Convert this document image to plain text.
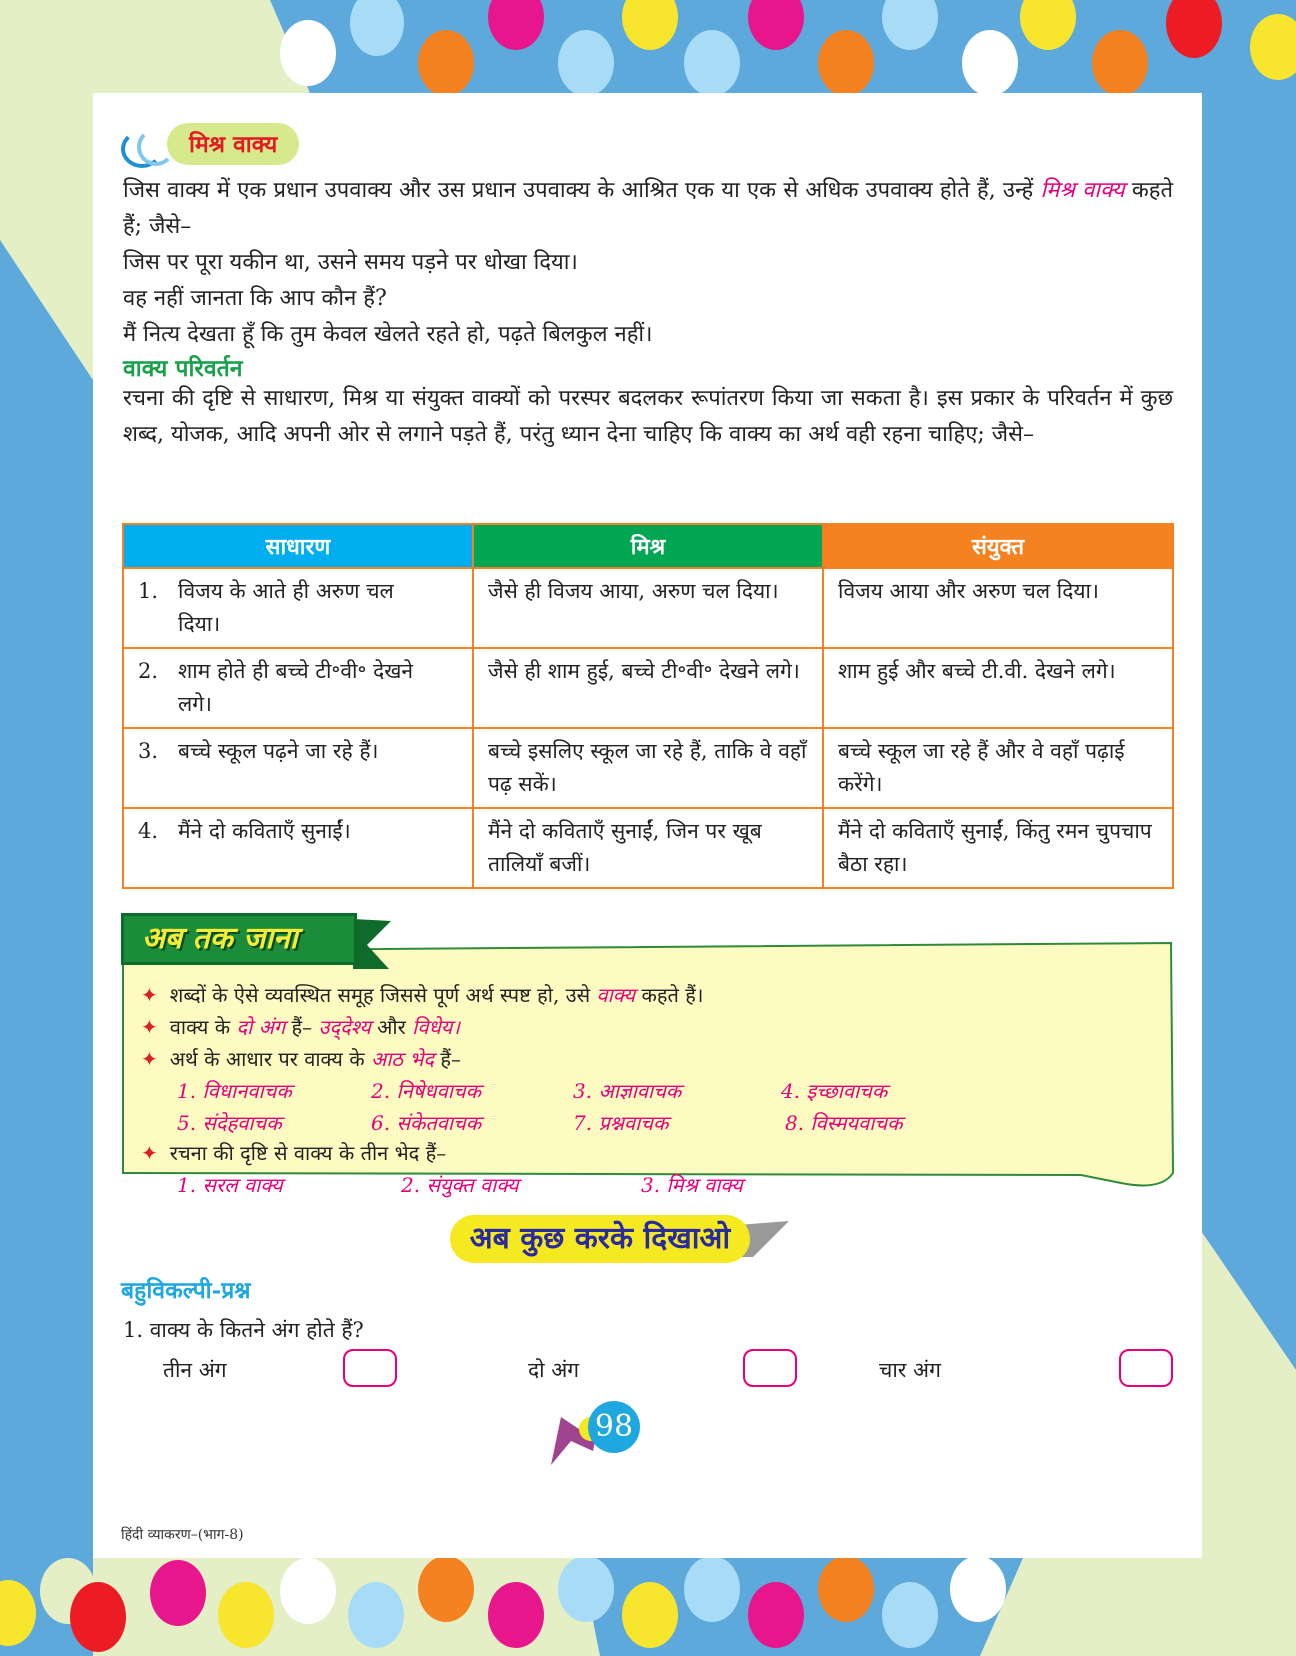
मिश्र वाक्य
जिस वाक्य में एक प्रधान उपवाक्य और उस प्रधान उपवाक्य के आश्रित एक या एक से अधिक उपवाक्य होते हैं, उन्हें मिश्र वाक्य कहते हैं; जैसे–
जिस पर पूरा यकीन था, उसने समय पड़ने पर धोखा दिया।
वह नहीं जानता कि आप कौन हैं?
मैं नित्य देखता हूँ कि तुम केवल खेलते रहते हो, पढ़ते बिलकुल नहीं।
वाक्य परिवर्तन
रचना की दृष्टि से साधारण, मिश्र या संयुक्त वाक्यों को परस्पर बदलकर रूपांतरण किया जा सकता है। इस प्रकार के परिवर्तन में कुछ शब्द, योजक, आदि अपनी ओर से लगाने पड़ते हैं, परंतु ध्यान देना चाहिए कि वाक्य का अर्थ वही रहना चाहिए; जैसे–
साधारण	मिश्र	संयुक्त
1. विजय के आते ही अरुण चल दिया।	जैसे ही विजय आया, अरुण चल दिया।	विजय आया और अरुण चल दिया।
2. शाम होते ही बच्चे टी॰वी॰ देखने लगे।	जैसे ही शाम हुई, बच्चे टी॰वी॰ देखने लगे।	शाम हुई और बच्चे टी.वी. देखने लगे।
3. बच्चे स्कूल पढ़ने जा रहे हैं।	बच्चे इसलिए स्कूल जा रहे हैं, ताकि वे वहाँ पढ़ सकें।	बच्चे स्कूल जा रहे हैं और वे वहाँ पढ़ाई करेंगे।
4. मैंने दो कविताएँ सुनाईं।	मैंने दो कविताएँ सुनाईं, जिन पर खूब तालियाँ बजीं।	मैंने दो कविताएँ सुनाईं, किंतु रमन चुपचाप बैठा रहा।
अब तक जाना
✦ शब्दों के ऐसे व्यवस्थित समूह जिससे पूर्ण अर्थ स्पष्ट हो, उसे वाक्य कहते हैं।
✦ वाक्य के दो अंग हैं– उद्‌देश्य और विधेय।
✦ अर्थ के आधार पर वाक्य के आठ भेद हैं–
1. विधानवाचक	2. निषेधवाचक	3. आज्ञावाचक	4. इच्छावाचक
5. संदेहवाचक	6. संकेतवाचक	7. प्रश्नवाचक	8. विस्मयवाचक
✦ रचना की दृष्टि से वाक्य के तीन भेद हैं–
1. सरल वाक्य	2. संयुक्त वाक्य	3. मिश्र वाक्य
अब कुछ करके दिखाओ
बहुविकल्पी-प्रश्न
1. वाक्य के कितने अंग होते हैं?
तीन अंग	दो अंग	चार अंग
98
हिंदी व्याकरण–(भाग-8)
